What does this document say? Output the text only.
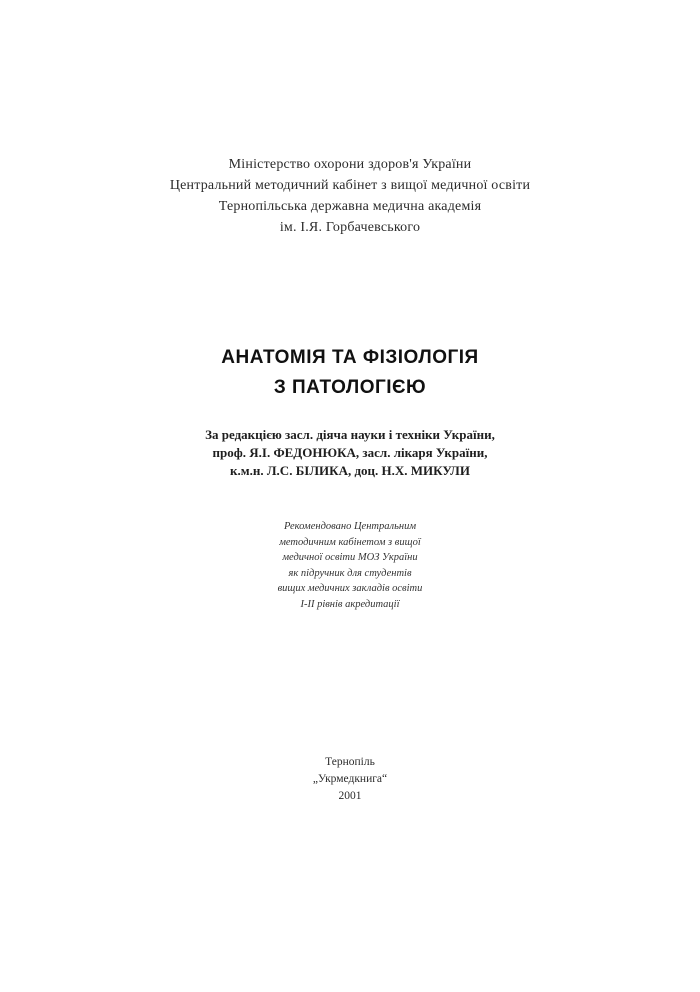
Міністерство охорони здоров'я України
Центральний методичний кабінет з вищої медичної освіти
Тернопільська державна медична академія
ім. І.Я. Горбачевського
АНАТОМІЯ ТА ФІЗІОЛОГІЯ
З ПАТОЛОГІЄЮ
За редакцією засл. діяча науки і техніки України,
проф. Я.І. ФЕДОНЮКА, засл. лікаря України,
к.м.н. Л.С. БІЛИКА, доц. Н.Х. МИКУЛИ
Рекомендовано Центральним
методичним кабінетом з вищої
медичної освіти МОЗ України
як підручник для студентів
вищих медичних закладів освіти
I-II рівнів акредитації
Тернопіль
„Укрмедкнига“
2001
